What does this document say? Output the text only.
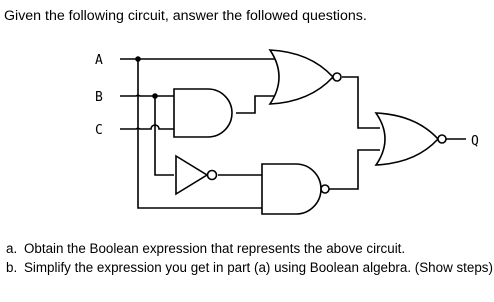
Given the following circuit, answer the followed questions.
A
B
C
Q
a. Obtain the Boolean expression that represents the above circuit.
b. Simplify the expression you get in part (a) using Boolean algebra. (Show steps)
